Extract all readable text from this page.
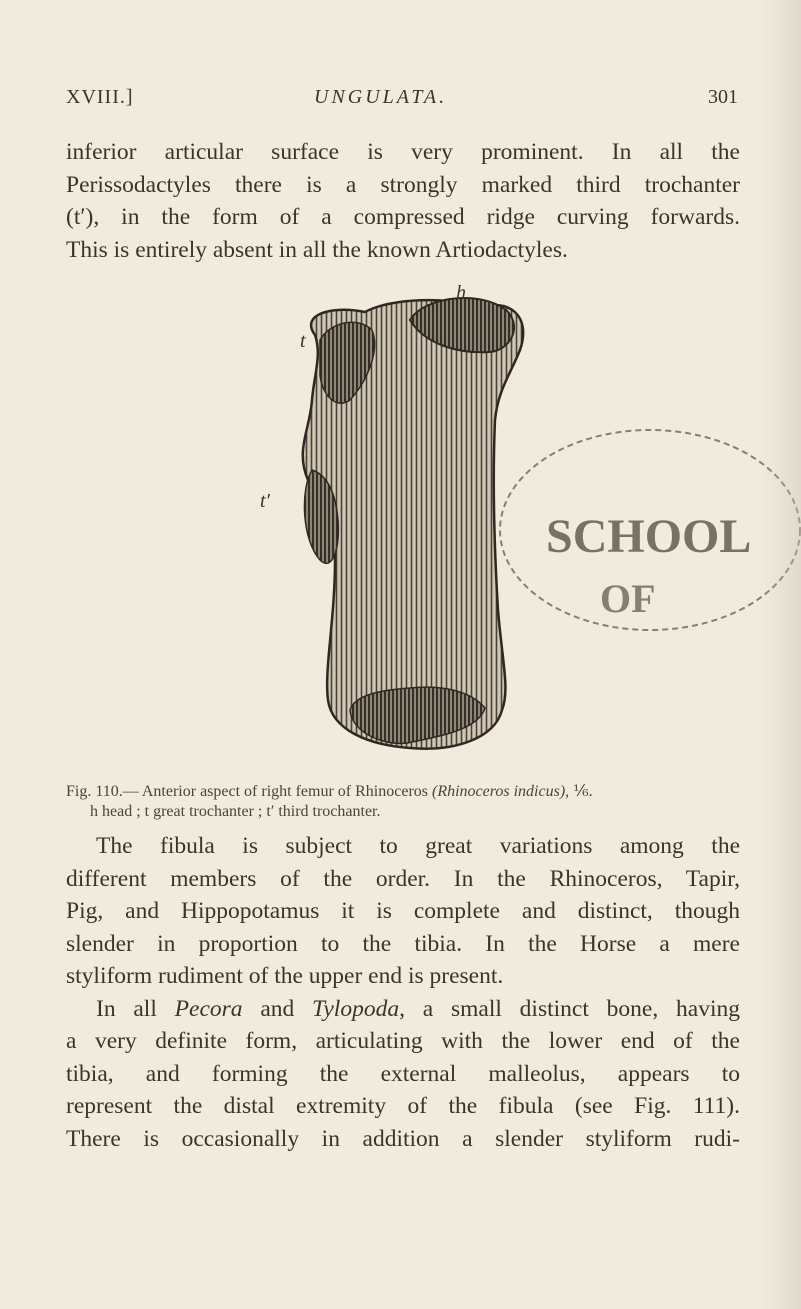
XVIII.]	UNGULATA.	301

inferior articular surface is very prominent. In all the

Perissodactyles there is a strongly marked third trochanter

(t′), in the form of a compressed ridge curving forwards.

This is entirely absent in all the known Artiodactyles.

SCHOOL
OF
h
t
t′
Fig. 110.— Anterior aspect of right femur of Rhinoceros (Rhinoceros indicus), ⅙.
h head ; t great trochanter ; t′ third trochanter.

The fibula is subject to great variations among the

different members of the order. In the Rhinoceros, Tapir,

Pig, and Hippopotamus it is complete and distinct, though

slender in proportion to the tibia. In the Horse a mere

styliform rudiment of the upper end is present.

In all Pecora and Tylopoda, a small distinct bone, having

a very definite form, articulating with the lower end of the

tibia, and forming the external malleolus, appears to

represent the distal extremity of the fibula (see Fig. 111).

There is occasionally in addition a slender styliform rudi-
